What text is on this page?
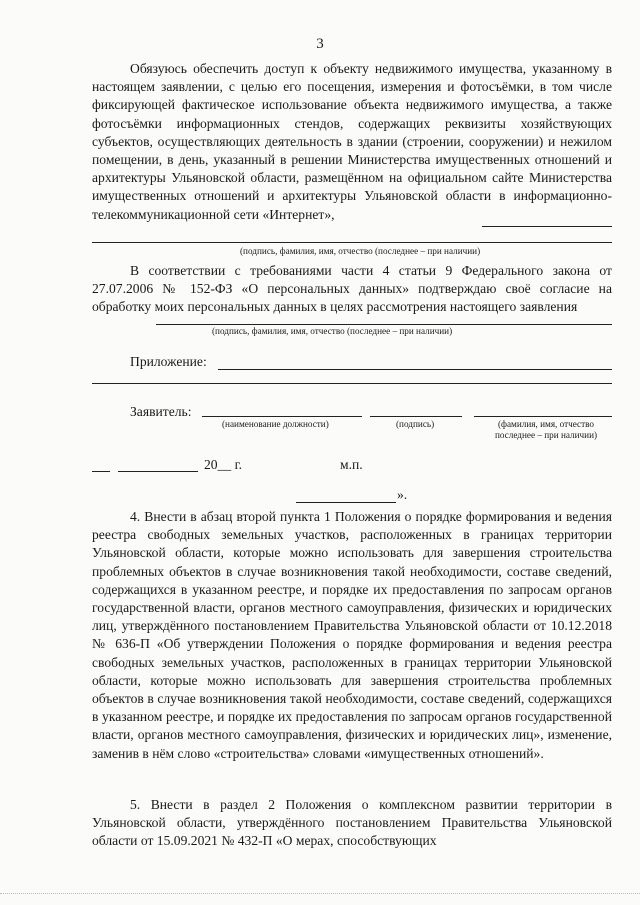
3
Обязуюсь обеспечить доступ к объекту недвижимого имущества, указанному в настоящем заявлении, с целью его посещения, измерения и фотосъёмки, в том числе фиксирующей фактическое использование объекта недвижимого имущества, а также фотосъёмки информационных стендов, содержащих реквизиты хозяйствующих субъектов, осуществляющих деятельность в здании (строении, сооружении) и нежилом помещении, в день, указанный в решении Министерства имущественных отношений и архитектуры Ульяновской области, размещённом на официальном сайте Министерства имущественных отношений и архитектуры Ульяновской области в информационно-телекоммуникационной сети «Интернет»,
(подпись, фамилия, имя, отчество (последнее – при наличии)
В соответствии с требованиями части 4 статьи 9 Федерального закона от 27.07.2006 № 152-ФЗ «О персональных данных» подтверждаю своё согласие на обработку моих персональных данных в целях рассмотрения настоящего заявления
(подпись, фамилия, имя, отчество (последнее – при наличии)
Приложение:
Заявитель:
(наименование должности)	(подпись)	(фамилия, имя, отчество последнее – при наличии)
20__ г.	м.п.
».
4. Внести в абзац второй пункта 1 Положения о порядке формирования и ведения реестра свободных земельных участков, расположенных в границах территории Ульяновской области, которые можно использовать для завершения строительства проблемных объектов в случае возникновения такой необходимости, составе сведений, содержащихся в указанном реестре, и порядке их предоставления по запросам органов государственной власти, органов местного самоуправления, физических и юридических лиц, утверждённого постановлением Правительства Ульяновской области от 10.12.2018 № 636-П «Об утверждении Положения о порядке формирования и ведения реестра свободных земельных участков, расположенных в границах территории Ульяновской области, которые можно использовать для завершения строительства проблемных объектов в случае возникновения такой необходимости, составе сведений, содержащихся в указанном реестре, и порядке их предоставления по запросам органов государственной власти, органов местного самоуправления, физических и юридических лиц», изменение, заменив в нём слово «строительства» словами «имущественных отношений».
5. Внести в раздел 2 Положения о комплексном развитии территории в Ульяновской области, утверждённого постановлением Правительства Ульяновской области от 15.09.2021 № 432-П «О мерах, способствующих
